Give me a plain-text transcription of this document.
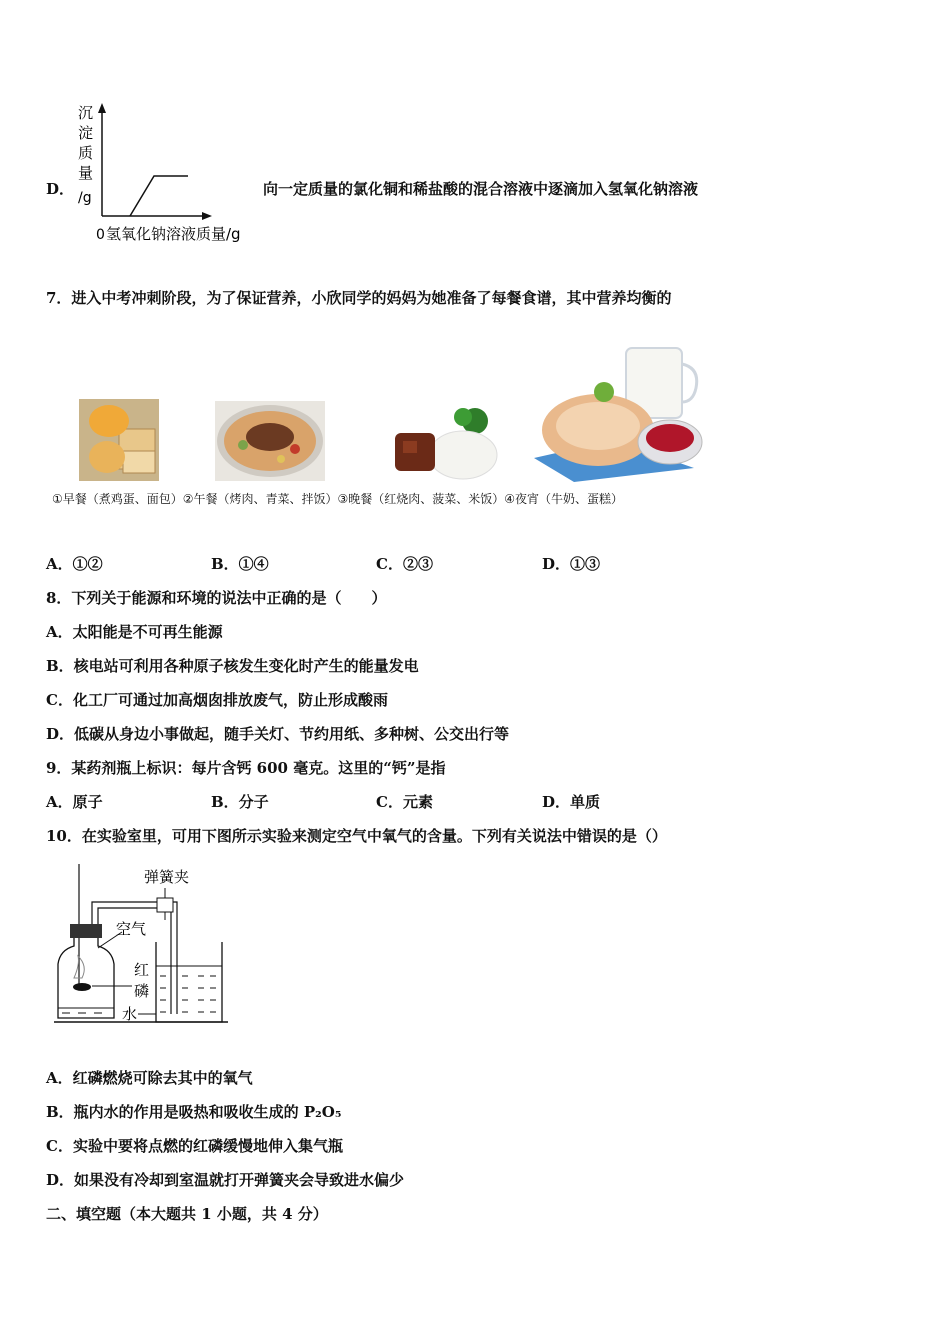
D．
沉
淀
质
量
/g
0 氢氧化钠溶液质量/g
向一定质量的氯化铜和稀盐酸的混合溶液中逐滴加入氢氧化钠溶液
7．进入中考冲刺阶段，为了保证营养，小欣同学的妈妈为她准备了每餐食谱，其中营养均衡的
①早餐（煮鸡蛋、面包）②午餐（烤肉、青菜、拌饭）③晚餐（红烧肉、菠菜、米饭）④夜宵（牛奶、蛋糕）
A．①②	B．①④	C．②③	D．①③
8．下列关于能源和环境的说法中正确的是（　　）
A．太阳能是不可再生能源
B．核电站可利用各种原子核发生变化时产生的能量发电
C．化工厂可通过加高烟囱排放废气，防止形成酸雨
D．低碳从身边小事做起，随手关灯、节约用纸、多种树、公交出行等
9．某药剂瓶上标识：每片含钙 600 毫克。这里的“钙”是指
A．原子	B．分子	C．元素	D．单质
10．在实验室里，可用下图所示实验来测定空气中氧气的含量。下列有关说法中错误的是（）
弹簧夹
空气
红
磷
水
A．红磷燃烧可除去其中的氧气
B．瓶内水的作用是吸热和吸收生成的 P₂O₅
C．实验中要将点燃的红磷缓慢地伸入集气瓶
D．如果没有冷却到室温就打开弹簧夹会导致进水偏少
二、填空题（本大题共 1 小题，共 4 分）
